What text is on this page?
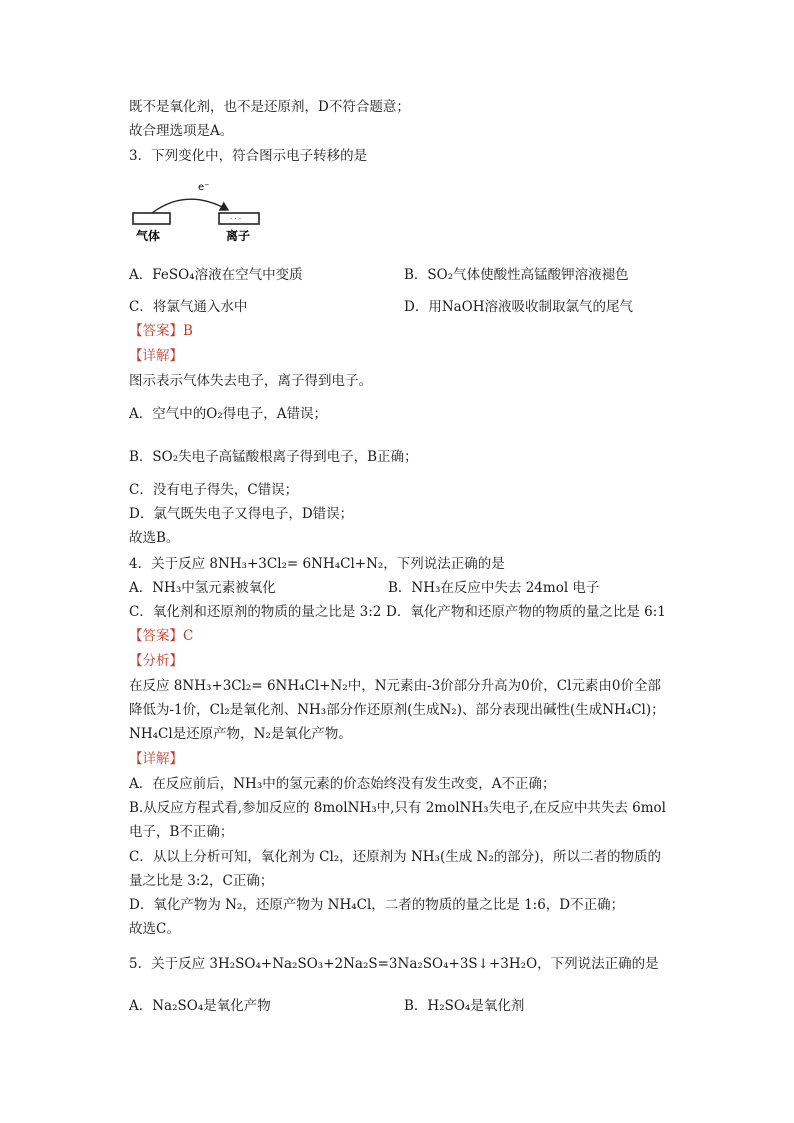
既不是氧化剂，也不是还原剂，D不符合题意；
故合理选项是A。
3．下列变化中，符合图示电子转移的是
e⁻
· · ·
气体	离子
A．FeSO₄溶液在空气中变质	B．SO₂气体使酸性高锰酸钾溶液褪色
C．将氯气通入水中	D．用NaOH溶液吸收制取氯气的尾气
【答案】B
【详解】
图示表示气体失去电子，离子得到电子。
A．空气中的O₂得电子，A错误；
B．SO₂失电子高锰酸根离子得到电子，B正确；
C．没有电子得失，C错误；
D．氯气既失电子又得电子，D错误；
故选B。
4．关于反应 8NH₃+3Cl₂= 6NH₄Cl+N₂，下列说法正确的是
A．NH₃中氢元素被氧化	B．NH₃在反应中失去 24mol 电子
C．氧化剂和还原剂的物质的量之比是 3:2 D．氧化产物和还原产物的物质的量之比是 6:1
【答案】C
【分析】
在反应 8NH₃+3Cl₂= 6NH₄Cl+N₂中，N元素由-3价部分升高为0价，Cl元素由0价全部
降低为-1价，Cl₂是氧化剂、NH₃部分作还原剂(生成N₂)、部分表现出碱性(生成NH₄Cl)；
NH₄Cl是还原产物，N₂是氧化产物。
【详解】
A．在反应前后，NH₃中的氢元素的价态始终没有发生改变，A不正确；
B.从反应方程式看,参加反应的 8molNH₃中,只有 2molNH₃失电子,在反应中共失去 6mol
电子，B不正确；
C．从以上分析可知，氧化剂为 Cl₂，还原剂为 NH₃(生成 N₂的部分)，所以二者的物质的
量之比是 3:2，C正确；
D．氧化产物为 N₂，还原产物为 NH₄Cl，二者的物质的量之比是 1:6，D不正确；
故选C。
5．关于反应 3H₂SO₄+Na₂SO₃+2Na₂S=3Na₂SO₄+3S↓+3H₂O，下列说法正确的是
A．Na₂SO₄是氧化产物	B．H₂SO₄是氧化剂
